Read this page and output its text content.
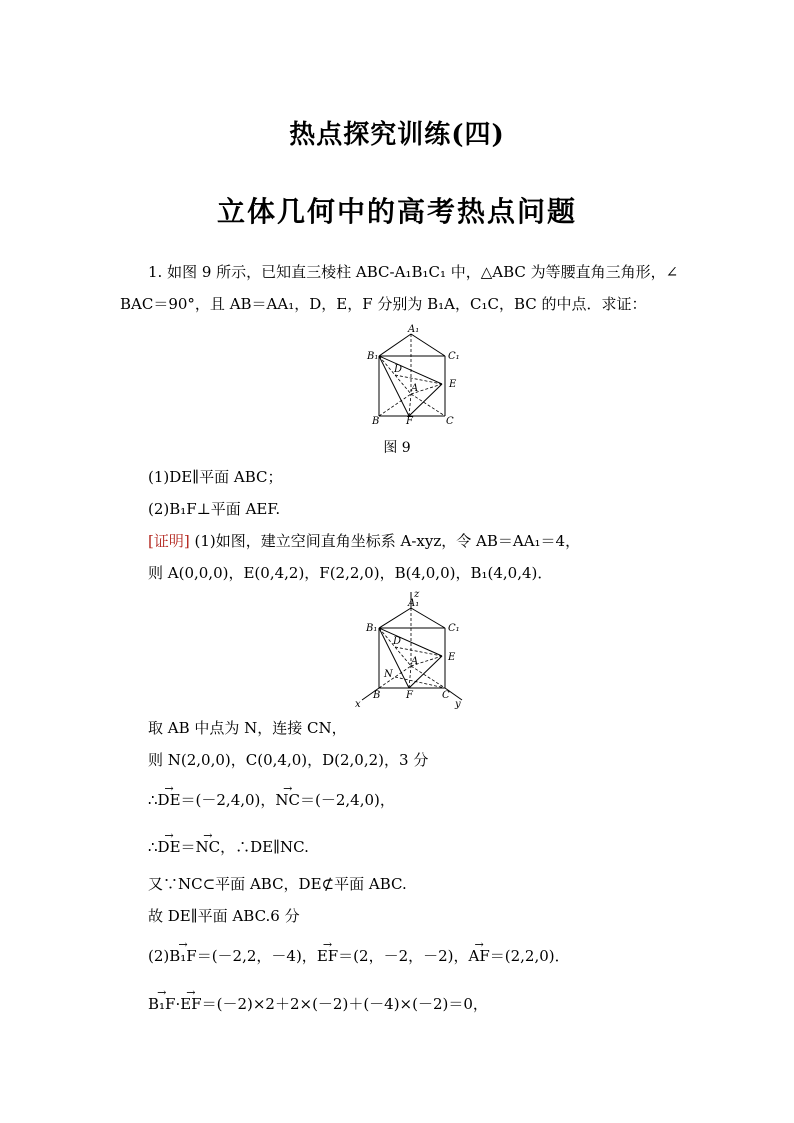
热点探究训练(四)
立体几何中的高考热点问题
1. 如图 9 所示，已知直三棱柱 ABC-A₁B₁C₁ 中，△ABC 为等腰直角三角形，∠
BAC＝90°，且 AB＝AA₁，D，E，F 分别为 B₁A，C₁C，BC 的中点．求证：
A₁
B₁	C₁
D
E
A
B	F	C
图 9
(1)DE∥平面 ABC；
(2)B₁F⊥平面 AEF.
[证明] (1)如图，建立空间直角坐标系 A-xyz，令 AB＝AA₁＝4，
则 A(0,0,0)，E(0,4,2)，F(2,2,0)，B(4,0,0)，B₁(4,0,4)．
z
A₁
B₁	C₁
D
E
N
A
B	F	C
x	y
取 AB 中点为 N，连接 CN，
则 N(2,0,0)，C(0,4,0)，D(2,0,2)，3 分
∴→ DE＝(－2,4,0)，→ NC＝(－2,4,0)，
∴→ DE＝→ NC，∴DE∥NC.
又∵NC⊂平面 ABC，DE⊄平面 ABC.
故 DE∥平面 ABC.6 分
(2)→ B₁F＝(－2,2，－4)，→ EF＝(2，－2，－2)，→ AF＝(2,2,0)．
→ B₁F·→ EF＝(－2)×2＋2×(－2)＋(－4)×(－2)＝0，
